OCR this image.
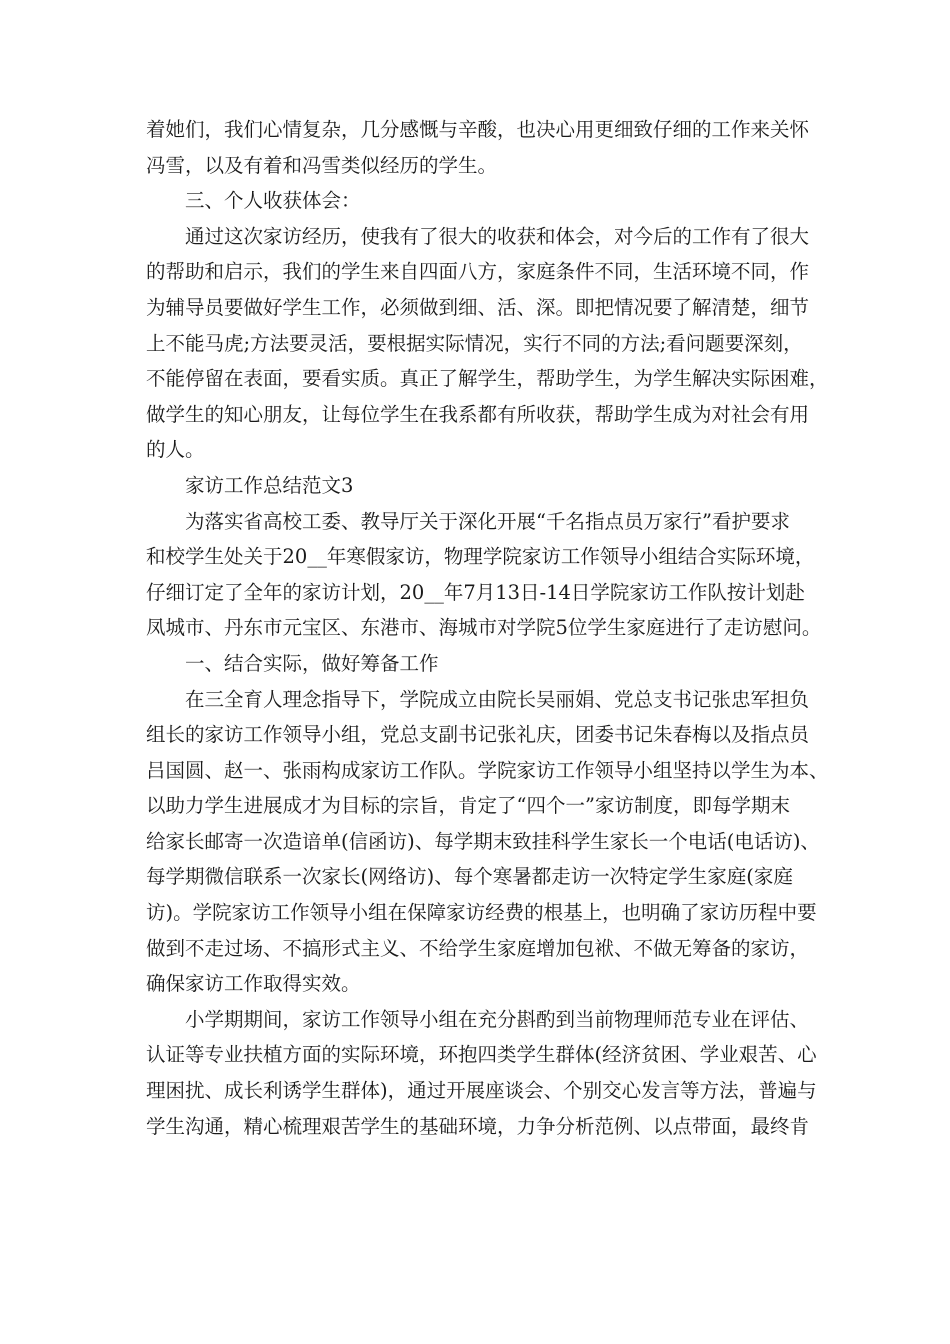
着她们，我们心情复杂，几分感慨与辛酸，也决心用更细致仔细的工作来关怀
冯雪，以及有着和冯雪类似经历的学生。
三、个人收获体会：
通过这次家访经历，使我有了很大的收获和体会，对今后的工作有了很大
的帮助和启示，我们的学生来自四面八方，家庭条件不同，生活环境不同，作
为辅导员要做好学生工作，必须做到细、活、深。即把情况要了解清楚，细节
上不能马虎;方法要灵活，要根据实际情况，实行不同的方法;看问题要深刻，
不能停留在表面，要看实质。真正了解学生，帮助学生，为学生解决实际困难，
做学生的知心朋友，让每位学生在我系都有所收获，帮助学生成为对社会有用
的人。
家访工作总结范文3
为落实省高校工委、教导厅关于深化开展“千名指点员万家行”看护要求
和校学生处关于20__年寒假家访，物理学院家访工作领导小组结合实际环境，
仔细订定了全年的家访计划，20__年7月13日-14日学院家访工作队按计划赴
凤城市、丹东市元宝区、东港市、海城市对学院5位学生家庭进行了走访慰问。
一、结合实际，做好筹备工作
在三全育人理念指导下，学院成立由院长吴丽娟、党总支书记张忠军担负
组长的家访工作领导小组，党总支副书记张礼庆，团委书记朱春梅以及指点员
吕国圆、赵一、张雨构成家访工作队。学院家访工作领导小组坚持以学生为本、
以助力学生进展成才为目标的宗旨，肯定了“四个一”家访制度，即每学期末
给家长邮寄一次造谙单(信函访)、每学期末致挂科学生家长一个电话(电话访)、
每学期微信联系一次家长(网络访)、每个寒暑都走访一次特定学生家庭(家庭
访)。学院家访工作领导小组在保障家访经费的根基上，也明确了家访历程中要
做到不走过场、不搞形式主义、不给学生家庭增加包袱、不做无筹备的家访，
确保家访工作取得实效。
小学期期间，家访工作领导小组在充分斟酌到当前物理师范专业在评估、
认证等专业扶植方面的实际环境，环抱四类学生群体(经济贫困、学业艰苦、心
理困扰、成长利诱学生群体)，通过开展座谈会、个别交心发言等方法，普遍与
学生沟通，精心梳理艰苦学生的基础环境，力争分析范例、以点带面，最终肯
